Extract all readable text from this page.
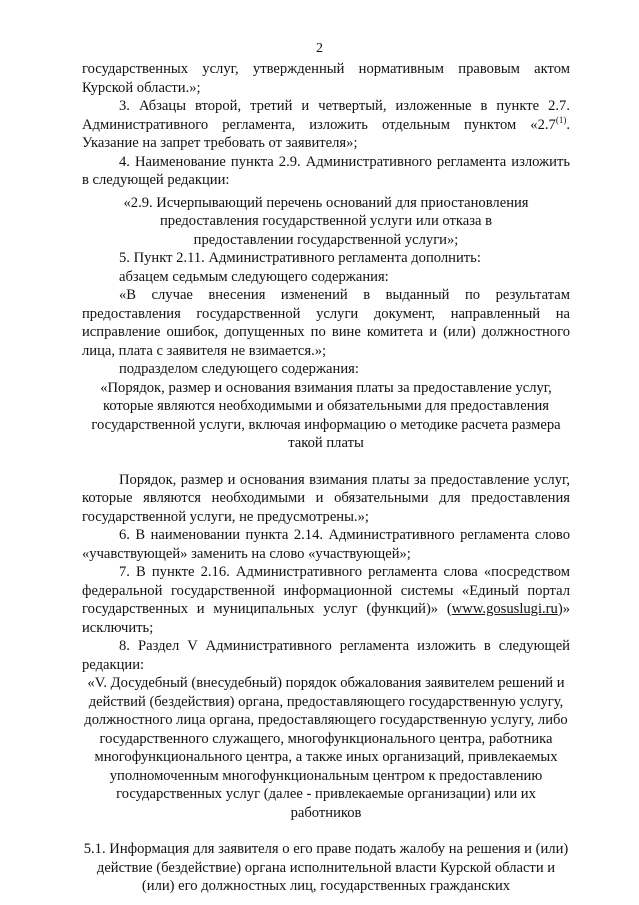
2

государственных услуг, утвержденный нормативным правовым актом Курской области.»;

3. Абзацы второй, третий и четвертый, изложенные в пункте 2.7. Административного регламента, изложить отдельным пунктом «2.7$^{(1)}$. Указание на запрет требовать от заявителя»;

4. Наименование пункта 2.9. Административного регламента изложить в следующей редакции:

«2.9. Исчерпывающий перечень оснований для приостановления предоставления государственной услуги или отказа в предоставлении государственной услуги»;

5. Пункт 2.11. Административного регламента дополнить:

абзацем седьмым следующего содержания:

«В случае внесения изменений в выданный по результатам предоставления государственной услуги документ, направленный на исправление ошибок, допущенных по вине комитета и (или) должностного лица, плата с заявителя не взимается.»;

подразделом следующего содержания:

«Порядок, размер и основания взимания платы за предоставление услуг, которые являются необходимыми и обязательными для предоставления государственной услуги, включая информацию о методике расчета размера такой платы

Порядок, размер и основания взимания платы за предоставление услуг, которые являются необходимыми и обязательными для предоставления государственной услуги, не предусмотрены.»;

6. В наименовании пункта 2.14. Административного регламента слово «учавствующей» заменить на слово «участвующей»;

7. В пункте 2.16. Административного регламента слова «посредством федеральной государственной информационной системы «Единый портал государственных и муниципальных услуг (функций)» (www.gosuslugi.ru)» исключить;

8. Раздел V Административного регламента изложить в следующей редакции:

«V. Досудебный (внесудебный) порядок обжалования заявителем решений и действий (бездействия) органа, предоставляющего государственную услугу, должностного лица органа, предоставляющего государственную услугу, либо государственного служащего, многофункционального центра, работника многофункционального центра, а также иных организаций, привлекаемых уполномоченным многофункциональным центром к предоставлению государственных услуг (далее - привлекаемые организации) или их работников

5.1. Информация для заявителя о его праве подать жалобу на решения и (или) действие (бездействие) органа исполнительной власти Курской области и (или) его должностных лиц, государственных гражданских
